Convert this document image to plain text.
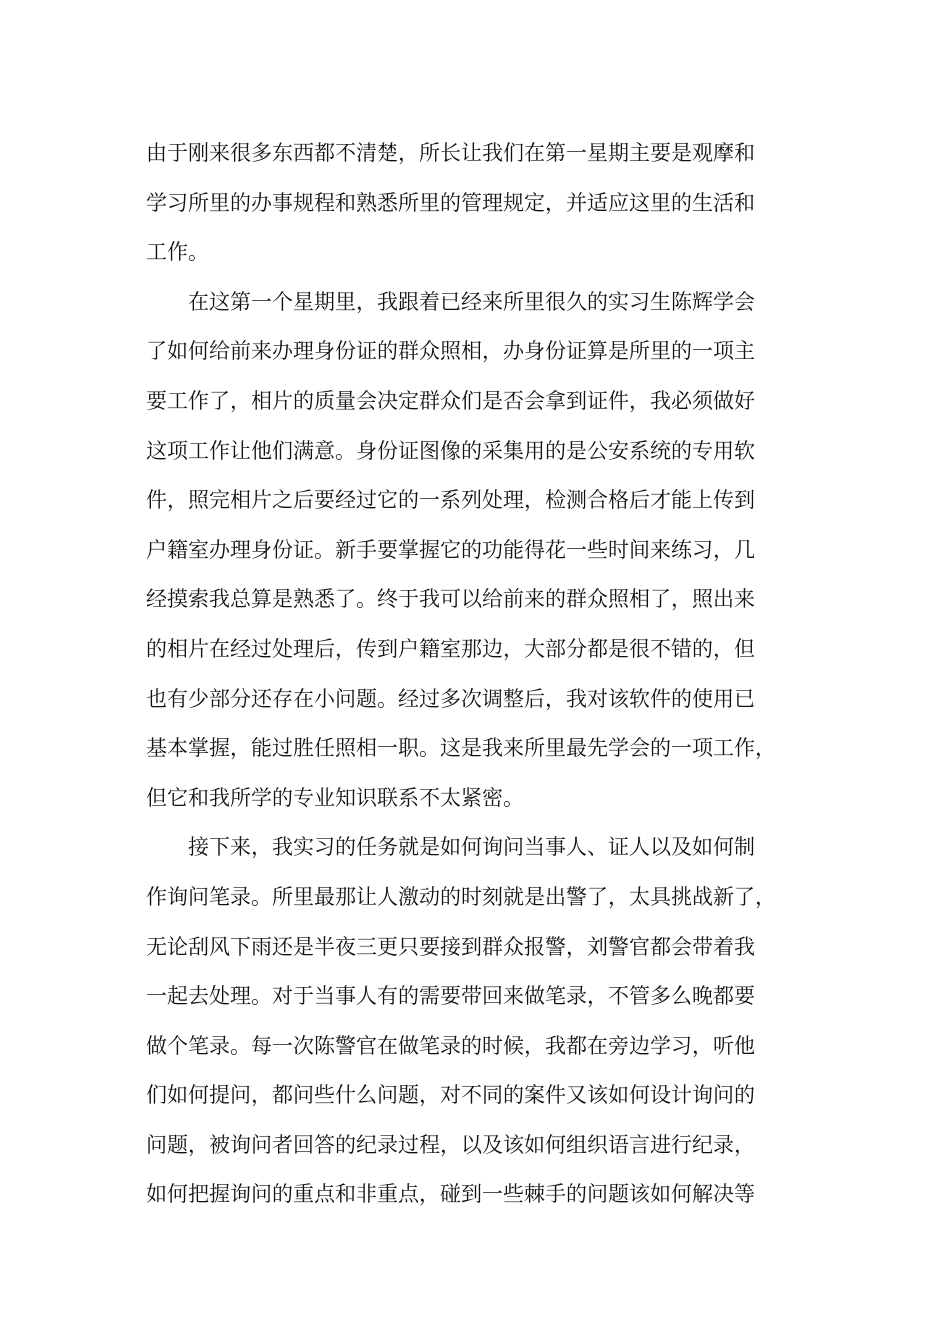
由于刚来很多东西都不清楚，所长让我们在第一星期主要是观摩和
学习所里的办事规程和熟悉所里的管理规定，并适应这里的生活和
工作。
在这第一个星期里，我跟着已经来所里很久的实习生陈辉学会
了如何给前来办理身份证的群众照相，办身份证算是所里的一项主
要工作了，相片的质量会决定群众们是否会拿到证件，我必须做好
这项工作让他们满意。身份证图像的采集用的是公安系统的专用软
件，照完相片之后要经过它的一系列处理，检测合格后才能上传到
户籍室办理身份证。新手要掌握它的功能得花一些时间来练习，几
经摸索我总算是熟悉了。终于我可以给前来的群众照相了，照出来
的相片在经过处理后，传到户籍室那边，大部分都是很不错的，但
也有少部分还存在小问题。经过多次调整后，我对该软件的使用已
基本掌握，能过胜任照相一职。这是我来所里最先学会的一项工作，
但它和我所学的专业知识联系不太紧密。
接下来，我实习的任务就是如何询问当事人、证人以及如何制
作询问笔录。所里最那让人激动的时刻就是出警了，太具挑战新了，
无论刮风下雨还是半夜三更只要接到群众报警，刘警官都会带着我
一起去处理。对于当事人有的需要带回来做笔录，不管多么晚都要
做个笔录。每一次陈警官在做笔录的时候，我都在旁边学习，听他
们如何提问，都问些什么问题，对不同的案件又该如何设计询问的
问题，被询问者回答的纪录过程，以及该如何组织语言进行纪录，
如何把握询问的重点和非重点，碰到一些棘手的问题该如何解决等
